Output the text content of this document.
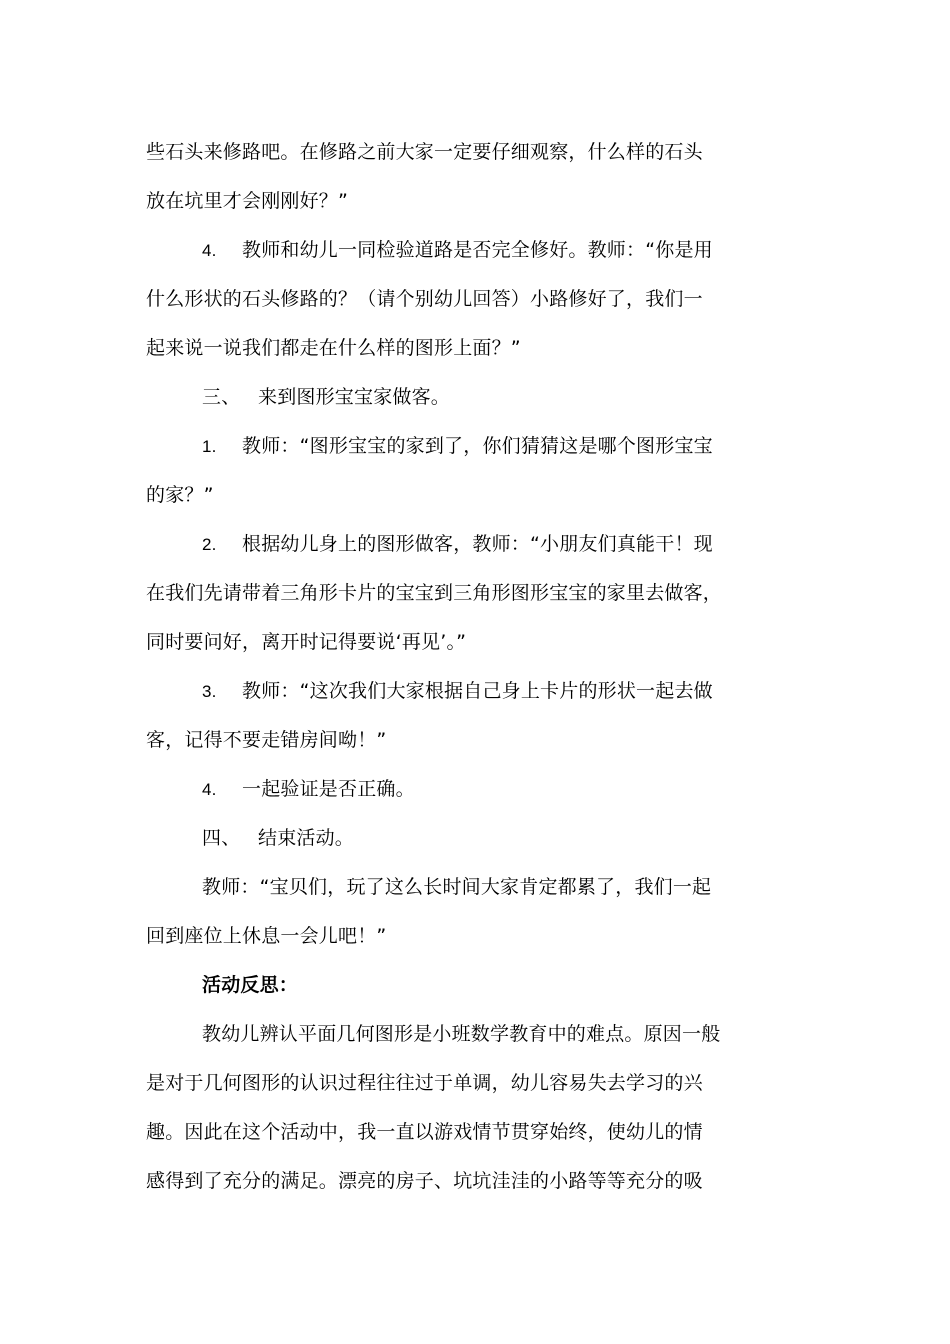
些石头来修路吧。在修路之前大家一定要仔细观察，什么样的石头
放在坑里才会刚刚好？”
4. 教师和幼儿一同检验道路是否完全修好。教师：“你是用
什么形状的石头修路的？（请个别幼儿回答）小路修好了，我们一
起来说一说我们都走在什么样的图形上面？”
三、 来到图形宝宝家做客。
1. 教师：“图形宝宝的家到了，你们猜猜这是哪个图形宝宝
的家？”
2. 根据幼儿身上的图形做客，教师：“小朋友们真能干！现
在我们先请带着三角形卡片的宝宝到三角形图形宝宝的家里去做客，
同时要问好，离开时记得要说‘再见’。”
3. 教师：“这次我们大家根据自己身上卡片的形状一起去做
客，记得不要走错房间呦！”
4. 一起验证是否正确。
四、 结束活动。
教师：“宝贝们，玩了这么长时间大家肯定都累了，我们一起
回到座位上休息一会儿吧！”
活动反思：
教幼儿辨认平面几何图形是小班数学教育中的难点。原因一般
是对于几何图形的认识过程往往过于单调，幼儿容易失去学习的兴
趣。因此在这个活动中，我一直以游戏情节贯穿始终，使幼儿的情
感得到了充分的满足。漂亮的房子、坑坑洼洼的小路等等充分的吸
